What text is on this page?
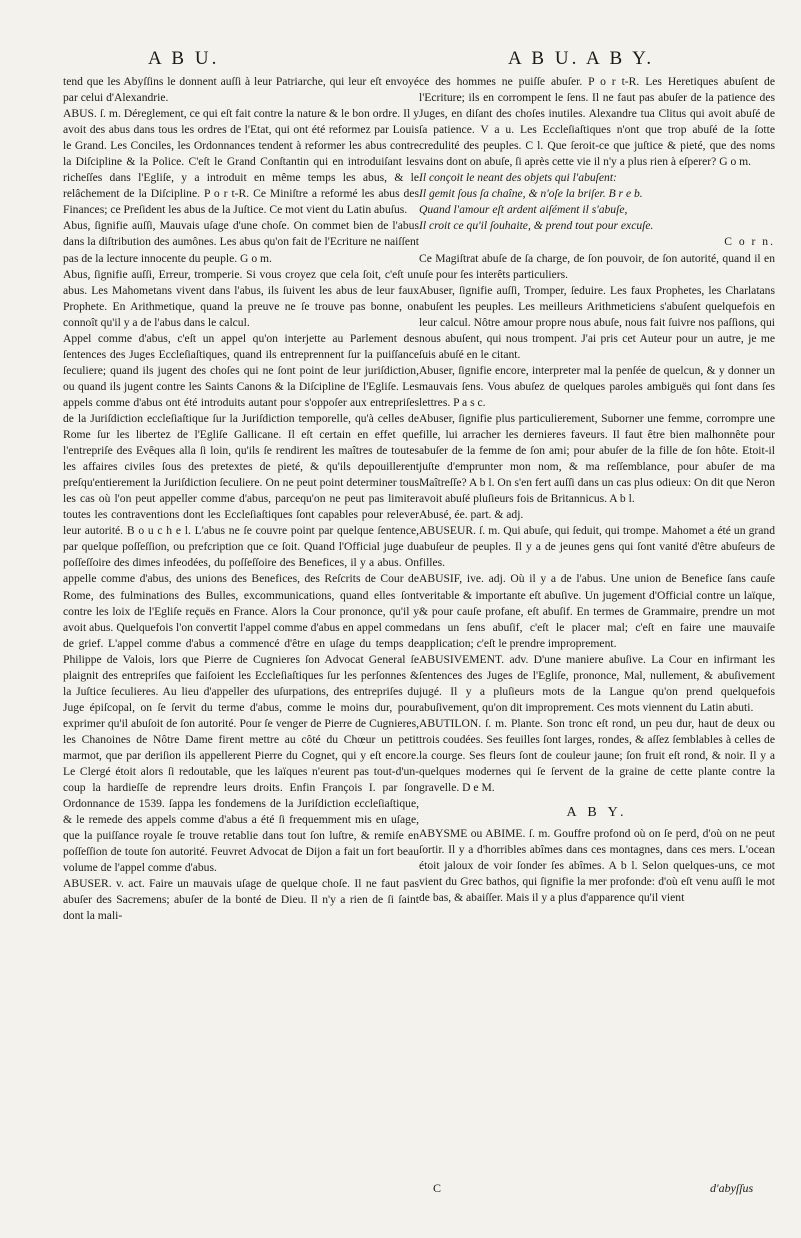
A B U.	A B U. A B Y.

tend que les Abyſſins le donnent auſſi à leur Patriarche, qui leur eſt envoyé par celui d'Alexandrie.

ABUS. ſ. m. Déreglement, ce qui eſt fait contre la nature & le bon ordre. Il y avoit des abus dans tous les ordres de l'Etat, qui ont été reformez par Louis le Grand. Les Conciles, les Ordonnances tendent à reformer les abus contre la Diſcipline & la Police. C'eſt le Grand Conſtantin qui en introduiſant les richeſſes dans l'Egliſe, y a introduit en même temps les abus, & le relâchement de la Diſcipline. P o r t-R. Ce Miniſtre a reformé les abus des Finances; ce Preſident les abus de la Juſtice. Ce mot vient du Latin abuſus.

Abus, ſignifie auſſi, Mauvais uſage d'une choſe. On commet bien de l'abus dans la diſtribution des aumônes. Les abus qu'on fait de l'Ecriture ne naiſſent pas de la lecture innocente du peuple. G o m.

Abus, ſignifie auſſi, Erreur, tromperie. Si vous croyez que cela ſoit, c'eſt un abus. Les Mahometans vivent dans l'abus, ils ſuivent les abus de leur faux Prophete. En Arithmetique, quand la preuve ne ſe trouve pas bonne, on connoît qu'il y a de l'abus dans le calcul.

Appel comme d'abus, c'eſt un appel qu'on interjette au Parlement des ſentences des Juges Eccleſiaſtiques, quand ils entreprennent ſur la puiſſance ſeculiere; quand ils jugent des choſes qui ne ſont point de leur juriſdiction, ou quand ils jugent contre les Saints Canons & la Diſcipline de l'Egliſe. Les appels comme d'abus ont été introduits autant pour s'oppoſer aux entrepriſes de la Juriſdiction eccleſiaſtique ſur la Juriſdiction temporelle, qu'à celles de Rome ſur les libertez de l'Egliſe Gallicane. Il eſt certain en effet que l'entrepriſe des Evêques alla ſi loin, qu'ils ſe rendirent les maîtres de toutes les affaires civiles ſous des pretextes de pieté, & qu'ils depouillerent preſqu'entierement la Juriſdiction ſeculiere. On ne peut point determiner tous les cas où l'on peut appeller comme d'abus, parcequ'on ne peut pas limiter toutes les contraventions dont les Eccleſiaſtiques ſont capables pour relever leur autorité. B o u c h e l. L'abus ne ſe couvre point par quelque ſentence, par quelque poſſeſſion, ou prefcription que ce ſoit. Quand l'Official juge du poſſeſſoire des dimes infeodées, du poſſeſſoire des Benefices, il y a abus. On appelle comme d'abus, des unions des Benefices, des Reſcrits de Cour de Rome, des fulminations des Bulles, excommunications, quand elles ſont contre les loix de l'Egliſe reçuës en France. Alors la Cour prononce, qu'il y avoit abus. Quelquefois l'on convertit l'appel comme d'abus en appel comme de grief. L'appel comme d'abus a commencé d'être en uſage du temps de Philippe de Valois, lors que Pierre de Cugnieres ſon Advocat General ſe plaignit des entrepriſes que faiſoient les Eccleſiaſtiques ſur les perſonnes & la Juſtice ſeculieres. Au lieu d'appeller des uſurpations, des entrepriſes du Juge épiſcopal, on ſe ſervit du terme d'abus, comme le moins dur, pour exprimer qu'il abuſoit de ſon autorité. Pour ſe venger de Pierre de Cugnieres, les Chanoines de Nôtre Dame firent mettre au côté du Chœur un petit marmot, que par deriſion ils appellerent Pierre du Cognet, qui y eſt encore. Le Clergé étoit alors ſi redoutable, que les laïques n'eurent pas tout-d'un-coup la hardieſſe de reprendre leurs droits. Enfin François I. par ſon Ordonnance de 1539. ſappa les fondemens de la Juriſdiction eccleſiaſtique, & le remede des appels comme d'abus a été ſi frequemment mis en uſage, que la puiſſance royale ſe trouve retablie dans tout ſon luſtre, & remiſe en poſſeſſion de toute ſon autorité. Feuvret Advocat de Dijon a fait un fort beau volume de l'appel comme d'abus.

ABUSER. v. act. Faire un mauvais uſage de quelque choſe. Il ne faut pas abuſer des Sacremens; abuſer de la bonté de Dieu. Il n'y a rien de ſi ſaint dont la mali-

ce des hommes ne puiſſe abuſer. P o r t-R. Les Heretiques abuſent de l'Ecriture; ils en corrompent le ſens. Il ne faut pas abuſer de la patience des Juges, en diſant des choſes inutiles. Alexandre tua Clitus qui avoit abuſé de ſa patience. V a u. Les Eccleſiaſtiques n'ont que trop abuſé de la ſotte credulité des peuples. C l. Que ſeroit-ce que juſtice & pieté, que des noms vains dont on abuſe, ſi après cette vie il n'y a plus rien à eſperer? G o m.

Il conçoit le neant des objets qui l'abuſent:

Il gemit ſous ſa chaîne, & n'oſe la briſer. B r e b.

Quand l'amour eſt ardent aiſément il s'abuſe,

Il croit ce qu'il ſouhaite, & prend tout pour excuſe.

C o r n.

Ce Magiſtrat abuſe de ſa charge, de ſon pouvoir, de ſon autorité, quand il en uſe pour ſes interêts particuliers.

Abuser, ſignifie auſſi, Tromper, ſeduire. Les faux Prophetes, les Charlatans abuſent les peuples. Les meilleurs Arithmeticiens s'abuſent quelquefois en leur calcul. Nôtre amour propre nous abuſe, nous fait ſuivre nos paſſions, qui nous abuſent, qui nous trompent. J'ai pris cet Auteur pour un autre, je me ſuis abuſé en le citant.

Abuser, ſignifie encore, interpreter mal la penſée de quelcun, & y donner un mauvais ſens. Vous abuſez de quelques paroles ambiguës qui ſont dans ſes lettres. P a s c.

Abuser, ſignifie plus particulierement, Suborner une femme, corrompre une fille, lui arracher les dernieres faveurs. Il faut être bien malhonnête pour abuſer de la femme de ſon ami; pour abuſer de la fille de ſon hôte. Etoit-il juſte d'emprunter mon nom, & ma reſſemblance, pour abuſer de ma Maîtreſſe? A b l. On s'en fert auſſi dans un cas plus odieux: On dit que Neron avoit abuſé pluſieurs fois de Britannicus. A b l.

Abusé, ée. part. & adj.

ABUSEUR. ſ. m. Qui abuſe, qui ſeduit, qui trompe. Mahomet a été un grand abuſeur de peuples. Il y a de jeunes gens qui ſont vanité d'être abuſeurs de filles.

ABUSIF, ive. adj. Où il y a de l'abus. Une union de Benefice ſans cauſe veritable & importante eſt abuſive. Un jugement d'Official contre un laïque, & pour cauſe profane, eſt abuſif. En termes de Grammaire, prendre un mot dans un ſens abuſif, c'eſt le placer mal; c'eſt en faire une mauvaiſe application; c'eſt le prendre improprement.

ABUSIVEMENT. adv. D'une maniere abuſive. La Cour en infirmant les ſentences des Juges de l'Egliſe, prononce, Mal, nullement, & abuſivement jugé. Il y a pluſieurs mots de la Langue qu'on prend quelquefois abuſivement, qu'on dit improprement. Ces mots viennent du Latin abuti.

ABUTILON. ſ. m. Plante. Son tronc eſt rond, un peu dur, haut de deux ou trois coudées. Ses feuilles ſont larges, rondes, & aſſez ſemblables à celles de la courge. Ses fleurs ſont de couleur jaune; ſon fruit eſt rond, & noir. Il y a quelques modernes qui ſe ſervent de la graine de cette plante contre la gravelle. D e M.

A B Y.

ABYSME ou ABIME. ſ. m. Gouffre profond où on ſe perd, d'où on ne peut ſortir. Il y a d'horribles abîmes dans ces montagnes, dans ces mers. L'ocean étoit jaloux de voir ſonder ſes abîmes. A b l. Selon quelques-uns, ce mot vient du Grec bathos, qui ſignifie la mer profonde: d'où eſt venu auſſi le mot de bas, & abaiſſer. Mais il y a plus d'apparence qu'il vient

C	d'abyſſus
